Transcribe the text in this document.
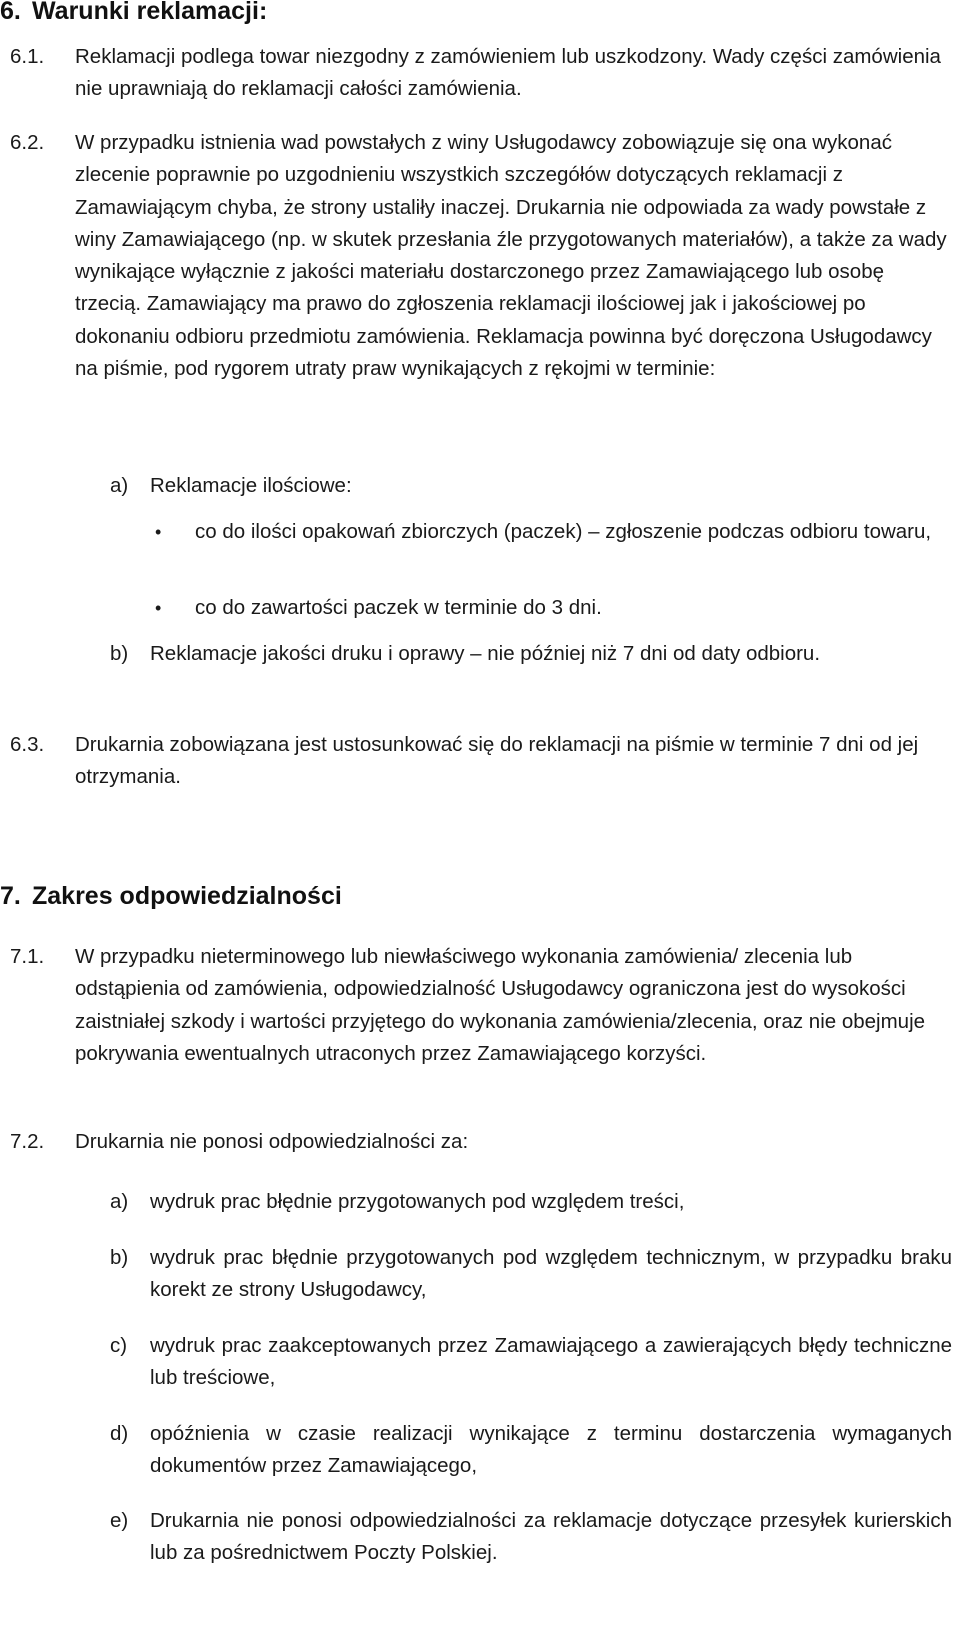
6. Warunki reklamacji:
6.1.	Reklamacji podlega towar niezgodny z zamówieniem lub uszkodzony. Wady części zamówienia nie uprawniają do reklamacji całości zamówienia.
6.2.	W przypadku istnienia wad powstałych z winy Usługodawcy zobowiązuje się ona wykonać zlecenie poprawnie po uzgodnieniu wszystkich szczegółów dotyczących reklamacji z Zamawiającym chyba, że strony ustaliły inaczej. Drukarnia nie odpowiada za wady powstałe z winy Zamawiającego (np. w skutek przesłania źle przygotowanych materiałów), a także za wady wynikające wyłącznie z jakości materiału dostarczonego przez Zamawiającego lub osobę trzecią. Zamawiający ma prawo do zgłoszenia reklamacji ilościowej jak i jakościowej po dokonaniu odbioru przedmiotu zamówienia. Reklamacja powinna być doręczona Usługodawcy na piśmie, pod rygorem utraty praw wynikających z rękojmi w terminie:
a)	Reklamacje ilościowe:
•	co do ilości opakowań zbiorczych (paczek) – zgłoszenie podczas odbioru towaru,
•	co do zawartości paczek w terminie do 3 dni.
b)	Reklamacje jakości druku i oprawy – nie później niż 7 dni od daty odbioru.
6.3.	Drukarnia zobowiązana jest ustosunkować się do reklamacji na piśmie w terminie 7 dni od jej otrzymania.
7. Zakres odpowiedzialności
7.1.	W przypadku nieterminowego lub niewłaściwego wykonania zamówienia/ zlecenia lub odstąpienia od zamówienia, odpowiedzialność Usługodawcy ograniczona jest do wysokości zaistniałej szkody i wartości przyjętego do wykonania zamówienia/zlecenia, oraz nie obejmuje pokrywania ewentualnych utraconych przez Zamawiającego korzyści.
7.2.	Drukarnia nie ponosi odpowiedzialności za:
a)	wydruk prac błędnie przygotowanych pod względem treści,
b)	wydruk prac błędnie przygotowanych pod względem technicznym, w przypadku braku korekt ze strony Usługodawcy,
c)	wydruk prac zaakceptowanych przez Zamawiającego a zawierających błędy techniczne lub treściowe,
d)	opóźnienia w czasie realizacji wynikające z terminu dostarczenia wymaganych dokumentów przez Zamawiającego,
e)	Drukarnia nie ponosi odpowiedzialności za reklamacje dotyczące przesyłek kurierskich lub za pośrednictwem Poczty Polskiej.
